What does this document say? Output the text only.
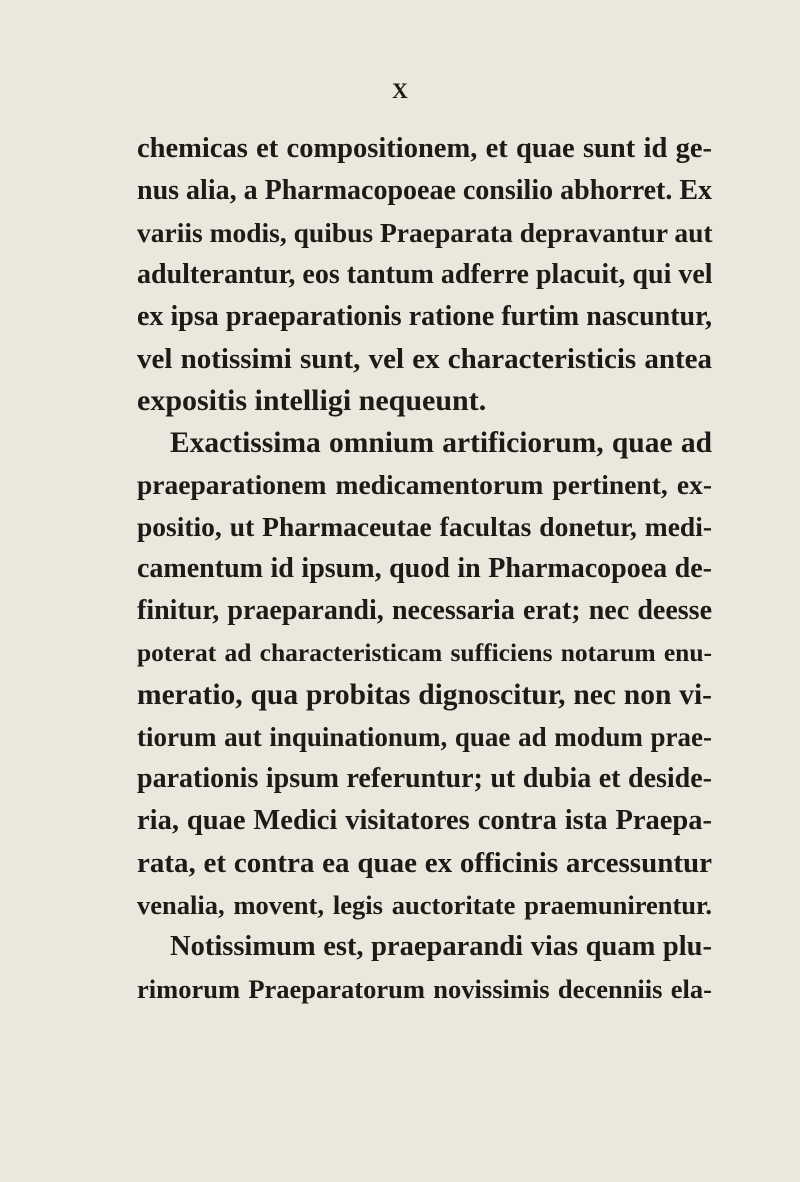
X
chemicas et compositionem, et quae sunt id ge-
nus alia, a Pharmacopoeae consilio abhorret. Ex
variis modis, quibus Praeparata depravantur aut
adulterantur, eos tantum adferre placuit, qui vel
ex ipsa praeparationis ratione furtim nascuntur,
vel notissimi sunt, vel ex characteristicis antea
expositis intelligi nequeunt.
Exactissima omnium artificiorum, quae ad
praeparationem medicamentorum pertinent, ex-
positio, ut Pharmaceutae facultas donetur, medi-
camentum id ipsum, quod in Pharmacopoea de-
finitur, praeparandi, necessaria erat; nec deesse
poterat ad characteristicam sufficiens notarum enu-
meratio, qua probitas dignoscitur, nec non vi-
tiorum aut inquinationum, quae ad modum prae-
parationis ipsum referuntur; ut dubia et deside-
ria, quae Medici visitatores contra ista Praepa-
rata, et contra ea quae ex officinis arcessuntur
venalia, movent, legis auctoritate praemunirentur.
Notissimum est, praeparandi vias quam plu-
rimorum Praeparatorum novissimis decenniis ela-
